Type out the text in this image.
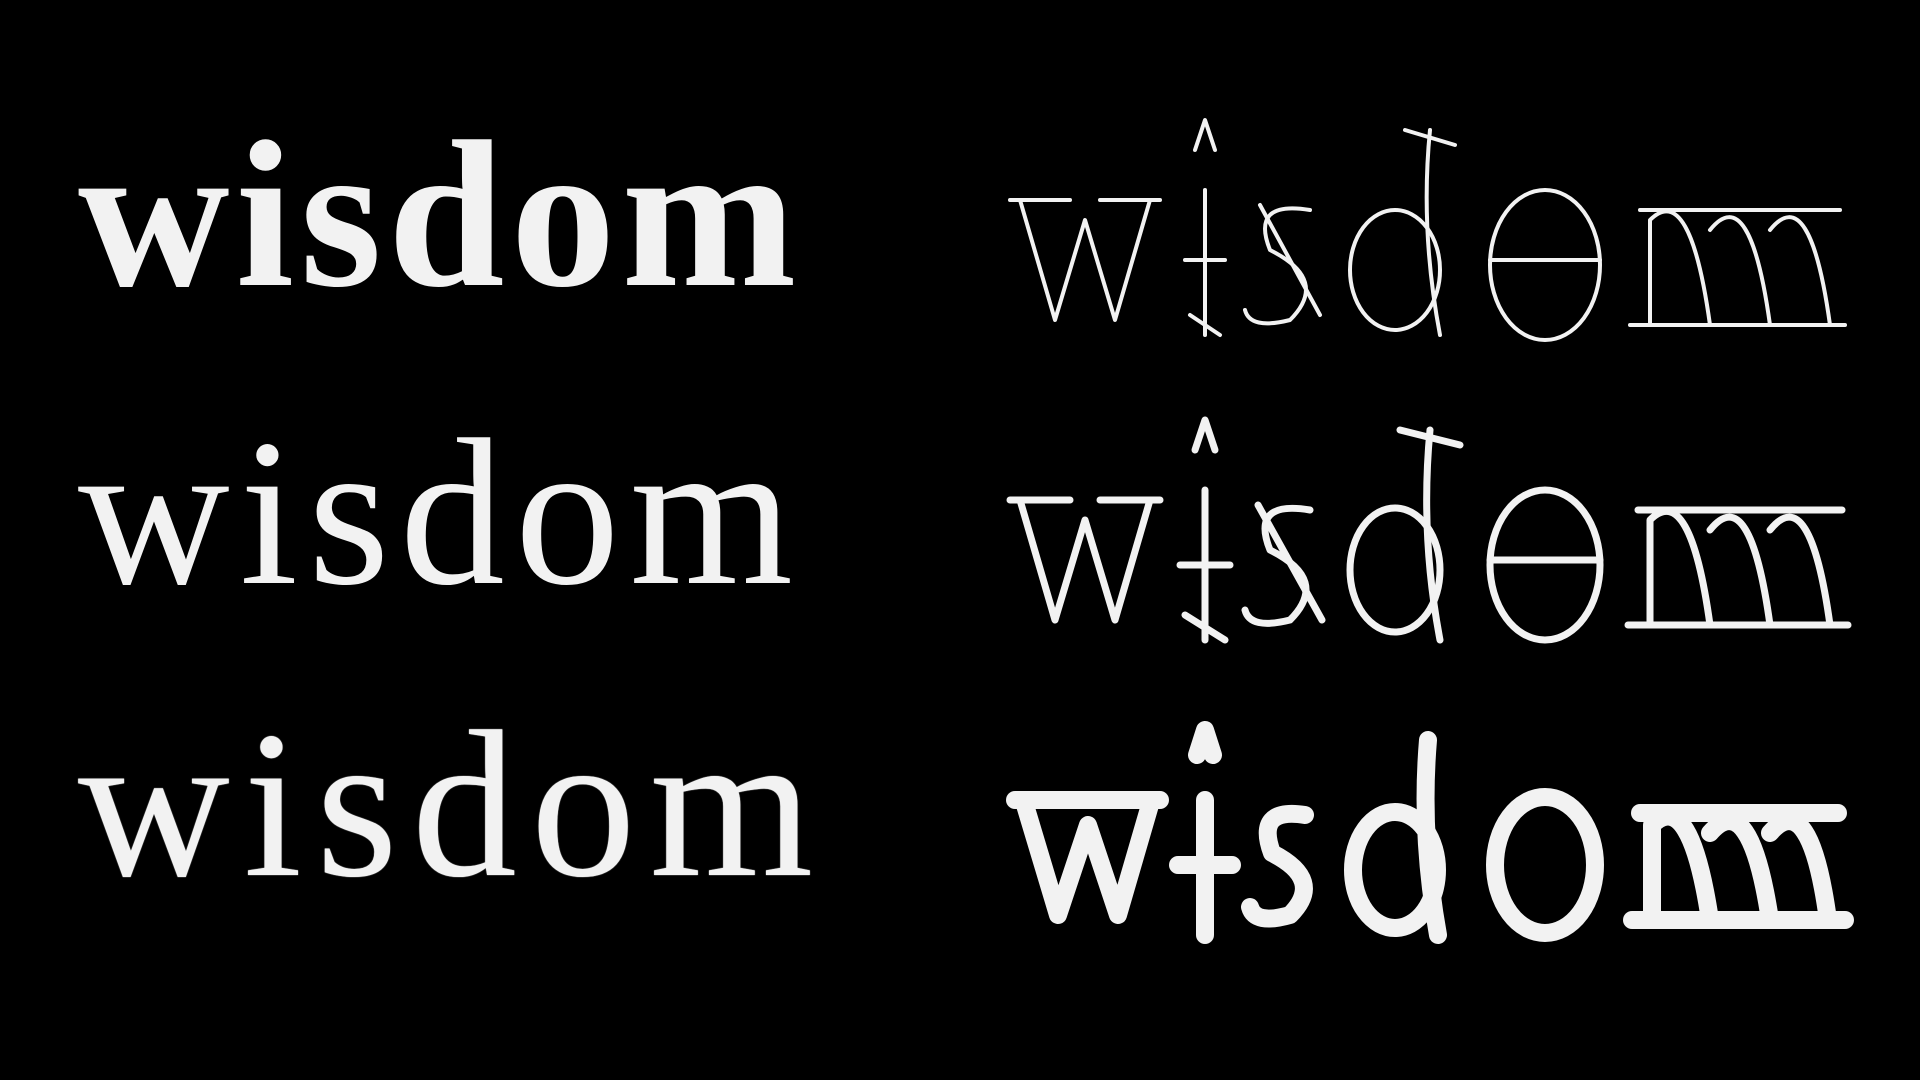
wisdom
wisdom
wisdom
